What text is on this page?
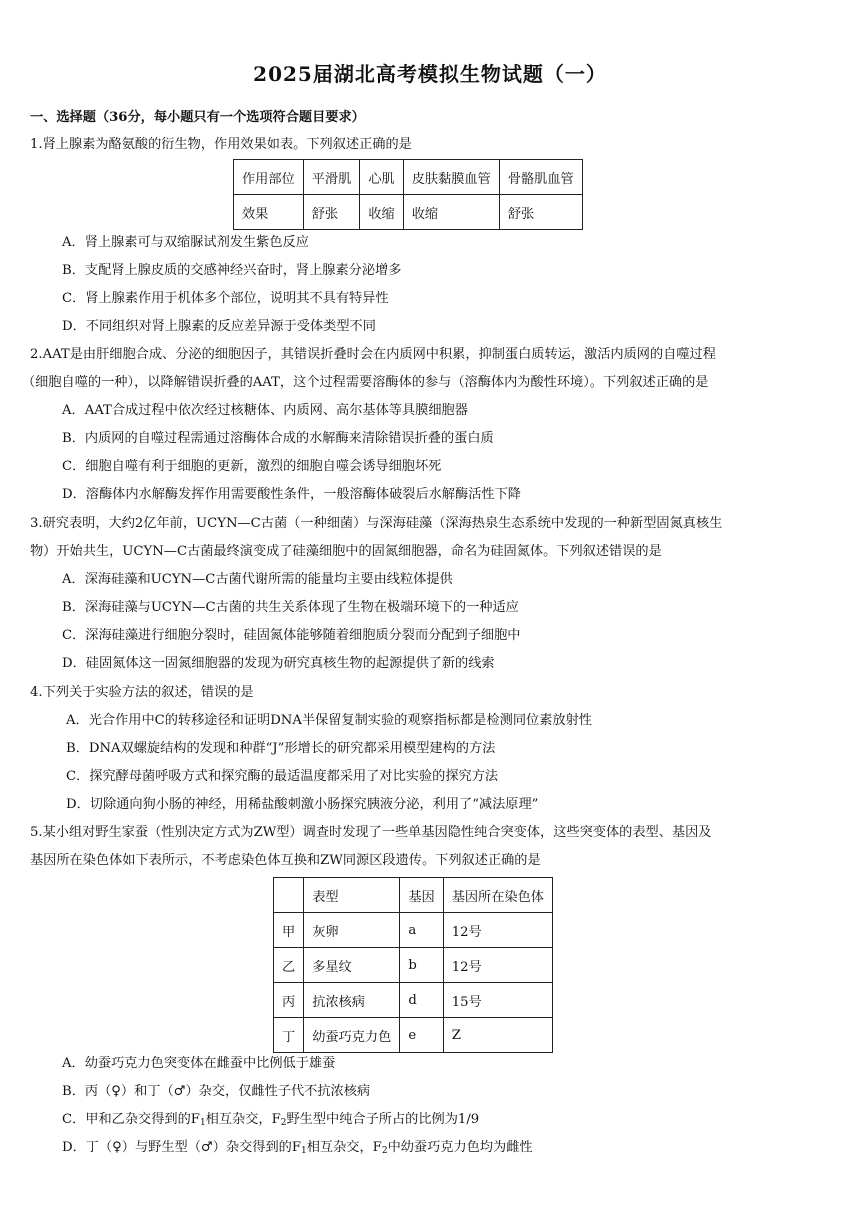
2025届湖北高考模拟生物试题（一）
一、选择题（36分，每小题只有一个选项符合题目要求）
1.肾上腺素为酪氨酸的衍生物，作用效果如表。下列叙述正确的是
作用部位	平滑肌	心肌	皮肤黏膜血管	骨骼肌血管
效果	舒张	收缩	收缩	舒张
A．肾上腺素可与双缩脲试剂发生紫色反应
B．支配肾上腺皮质的交感神经兴奋时，肾上腺素分泌增多
C．肾上腺素作用于机体多个部位，说明其不具有特异性
D．不同组织对肾上腺素的反应差异源于受体类型不同
2.AAT是由肝细胞合成、分泌的细胞因子，其错误折叠时会在内质网中积累，抑制蛋白质转运，激活内质网的自噬过程
（细胞自噬的一种），以降解错误折叠的AAT，这个过程需要溶酶体的参与（溶酶体内为酸性环境）。下列叙述正确的是
A．AAT合成过程中依次经过核糖体、内质网、高尔基体等具膜细胞器
B．内质网的自噬过程需通过溶酶体合成的水解酶来清除错误折叠的蛋白质
C．细胞自噬有利于细胞的更新，激烈的细胞自噬会诱导细胞坏死
D．溶酶体内水解酶发挥作用需要酸性条件，一般溶酶体破裂后水解酶活性下降
3.研究表明，大约2亿年前，UCYN—C古菌（一种细菌）与深海硅藻（深海热泉生态系统中发现的一种新型固氮真核生
物）开始共生，UCYN—C古菌最终演变成了硅藻细胞中的固氮细胞器，命名为硅固氮体。下列叙述错误的是
A．深海硅藻和UCYN—C古菌代谢所需的能量均主要由线粒体提供
B．深海硅藻与UCYN—C古菌的共生关系体现了生物在极端环境下的一种适应
C．深海硅藻进行细胞分裂时，硅固氮体能够随着细胞质分裂而分配到子细胞中
D．硅固氮体这一固氮细胞器的发现为研究真核生物的起源提供了新的线索
4.下列关于实验方法的叙述，错误的是
A．光合作用中C的转移途径和证明DNA半保留复制实验的观察指标都是检测同位素放射性
B．DNA双螺旋结构的发现和种群“J”形增长的研究都采用模型建构的方法
C．探究酵母菌呼吸方式和探究酶的最适温度都采用了对比实验的探究方法
D．切除通向狗小肠的神经，用稀盐酸刺激小肠探究胰液分泌，利用了“减法原理”
5.某小组对野生家蚕（性别决定方式为ZW型）调查时发现了一些单基因隐性纯合突变体，这些突变体的表型、基因及
基因所在染色体如下表所示，不考虑染色体互换和ZW同源区段遗传。下列叙述正确的是
	表型	基因	基因所在染色体
甲	灰卵	a	12号
乙	多星纹	b	12号
丙	抗浓核病	d	15号
丁	幼蚕巧克力色	e	Z
A．幼蚕巧克力色突变体在雌蚕中比例低于雄蚕
B．丙（♀）和丁（♂）杂交，仅雌性子代不抗浓核病
C．甲和乙杂交得到的$F_1$相互杂交，$F_2$野生型中纯合子所占的比例为1/9
D．丁（♀）与野生型（♂）杂交得到的$F_1$相互杂交，$F_2$中幼蚕巧克力色均为雌性
